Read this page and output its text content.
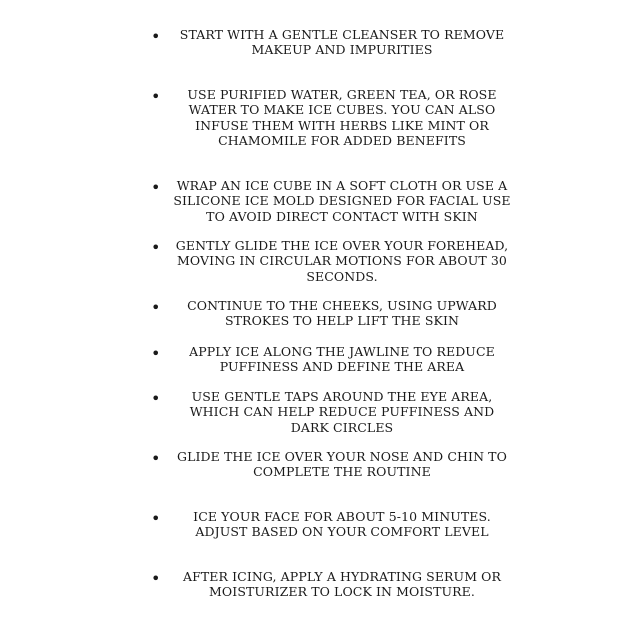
•	START WITH A GENTLE CLEANSER TO REMOVE MAKEUP AND IMPURITIES
•	USE PURIFIED WATER, GREEN TEA, OR ROSE WATER TO MAKE ICE CUBES. YOU CAN ALSO INFUSE THEM WITH HERBS LIKE MINT OR CHAMOMILE FOR ADDED BENEFITS
•	WRAP AN ICE CUBE IN A SOFT CLOTH OR USE A SILICONE ICE MOLD DESIGNED FOR FACIAL USE TO AVOID DIRECT CONTACT WITH SKIN
•	GENTLY GLIDE THE ICE OVER YOUR FOREHEAD, MOVING IN CIRCULAR MOTIONS FOR ABOUT 30 SECONDS.
•	CONTINUE TO THE CHEEKS, USING UPWARD STROKES TO HELP LIFT THE SKIN
•	APPLY ICE ALONG THE JAWLINE TO REDUCE PUFFINESS AND DEFINE THE AREA
•	USE GENTLE TAPS AROUND THE EYE AREA, WHICH CAN HELP REDUCE PUFFINESS AND DARK CIRCLES
•	GLIDE THE ICE OVER YOUR NOSE AND CHIN TO COMPLETE THE ROUTINE
•	ICE YOUR FACE FOR ABOUT 5-10 MINUTES. ADJUST BASED ON YOUR COMFORT LEVEL
•	AFTER ICING, APPLY A HYDRATING SERUM OR MOISTURIZER TO LOCK IN MOISTURE.
